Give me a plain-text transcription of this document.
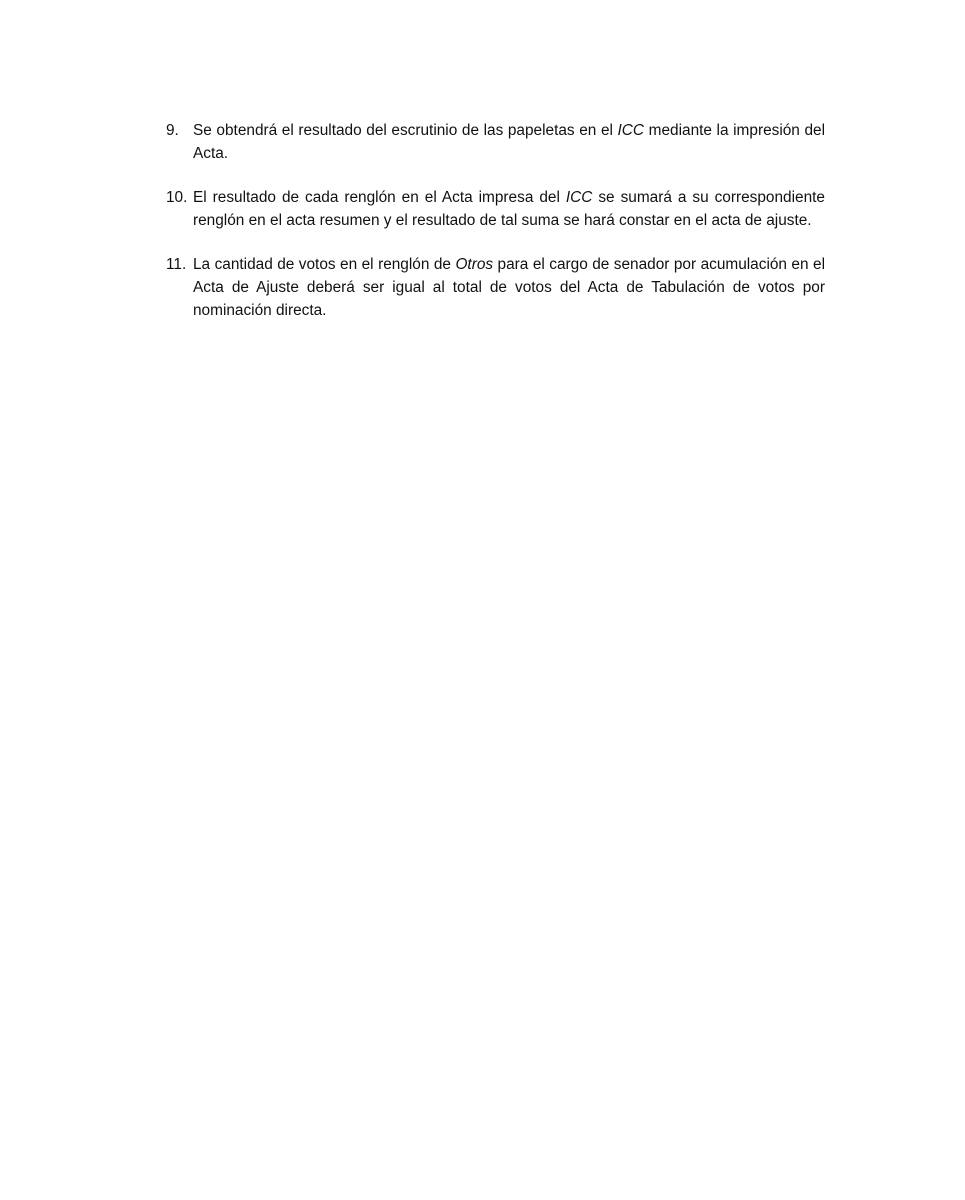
9. Se obtendrá el resultado del escrutinio de las papeletas en el ICC mediante la impresión del Acta.
10. El resultado de cada renglón en el Acta impresa del ICC se sumará a su correspondiente renglón en el acta resumen y el resultado de tal suma se hará constar en el acta de ajuste.
11. La cantidad de votos en el renglón de Otros para el cargo de senador por acumulación en el Acta de Ajuste deberá ser igual al total de votos del Acta de Tabulación de votos por nominación directa.
